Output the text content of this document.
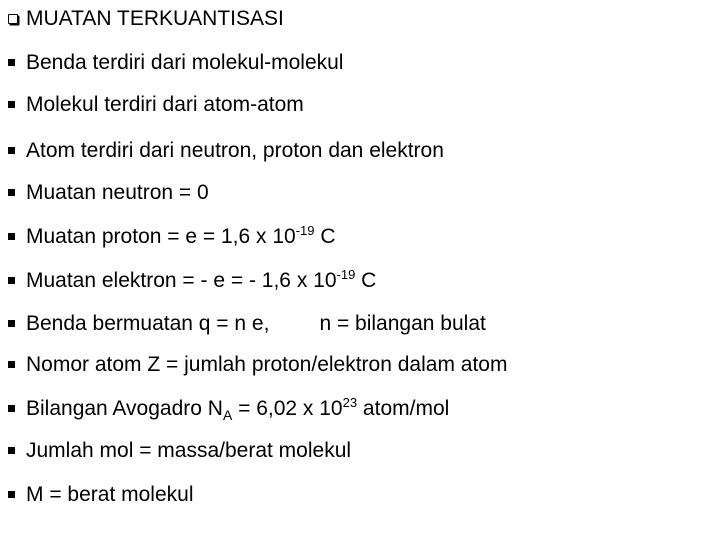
MUATAN TERKUANTISASI
Benda terdiri dari molekul-molekul
Molekul terdiri dari atom-atom
Atom terdiri dari neutron, proton dan elektron
Muatan neutron = 0
Muatan proton = e = 1,6 x $10^{-19}$ C
Muatan elektron = - e = - 1,6 x $10^{-19}$ C
Benda bermuatan q = n e, n = bilangan bulat
Nomor atom Z = jumlah proton/elektron dalam atom
Bilangan Avogadro $N_A = 6,02$ x $10^{23}$ atom/mol
Jumlah mol = massa/berat molekul
M = berat molekul
